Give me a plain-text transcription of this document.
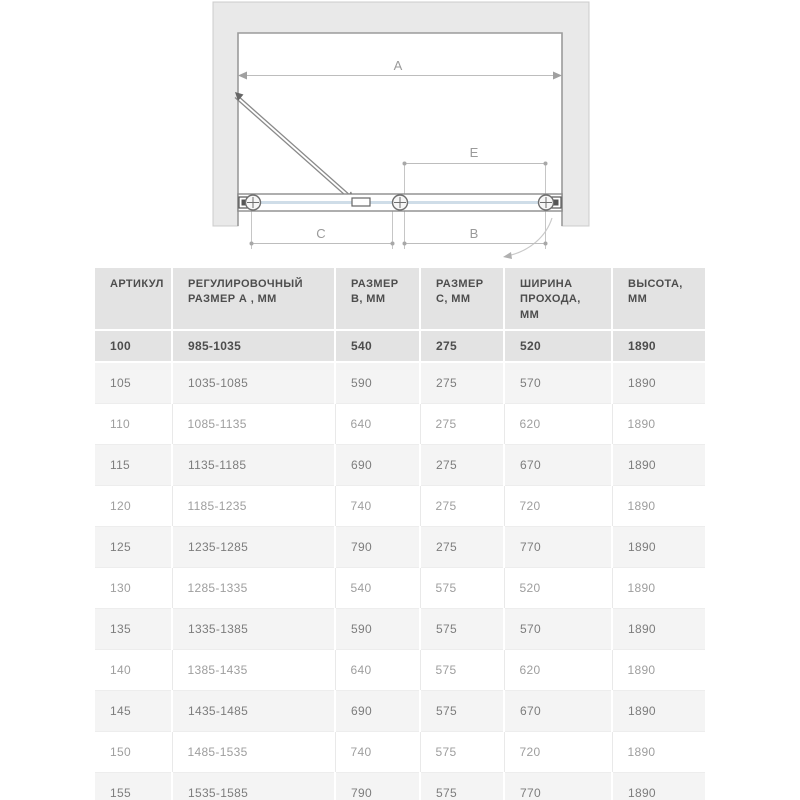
A
E
C	B
АРТИКУЛ	РЕГУЛИРОВОЧНЫЙ РАЗМЕР А , ММ	РАЗМЕР B, ММ	РАЗМЕР C, ММ	ШИРИНА ПРОХОДА, ММ	ВЫСОТА, ММ
100	985-1035	540	275	520	1890
105	1035-1085	590	275	570	1890
110	1085-1135	640	275	620	1890
115	1135-1185	690	275	670	1890
120	1185-1235	740	275	720	1890
125	1235-1285	790	275	770	1890
130	1285-1335	540	575	520	1890
135	1335-1385	590	575	570	1890
140	1385-1435	640	575	620	1890
145	1435-1485	690	575	670	1890
150	1485-1535	740	575	720	1890
155	1535-1585	790	575	770	1890
